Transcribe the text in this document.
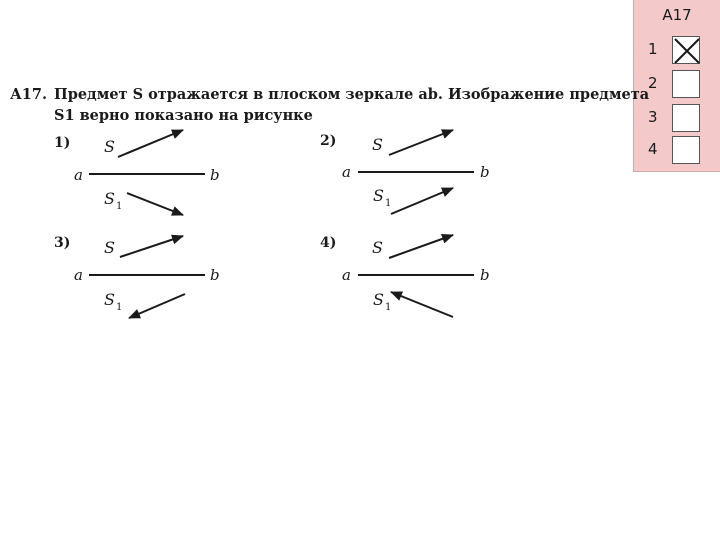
A17
1
2
3
4
А17. Предмет S отражается в плоском зеркале ab. Изображение предмета
S1 верно показано на рисунке
1) S
a	b
S 1
2) S
a	b
S 1
3) S
a	b
S 1
4) S
a	b
S 1
